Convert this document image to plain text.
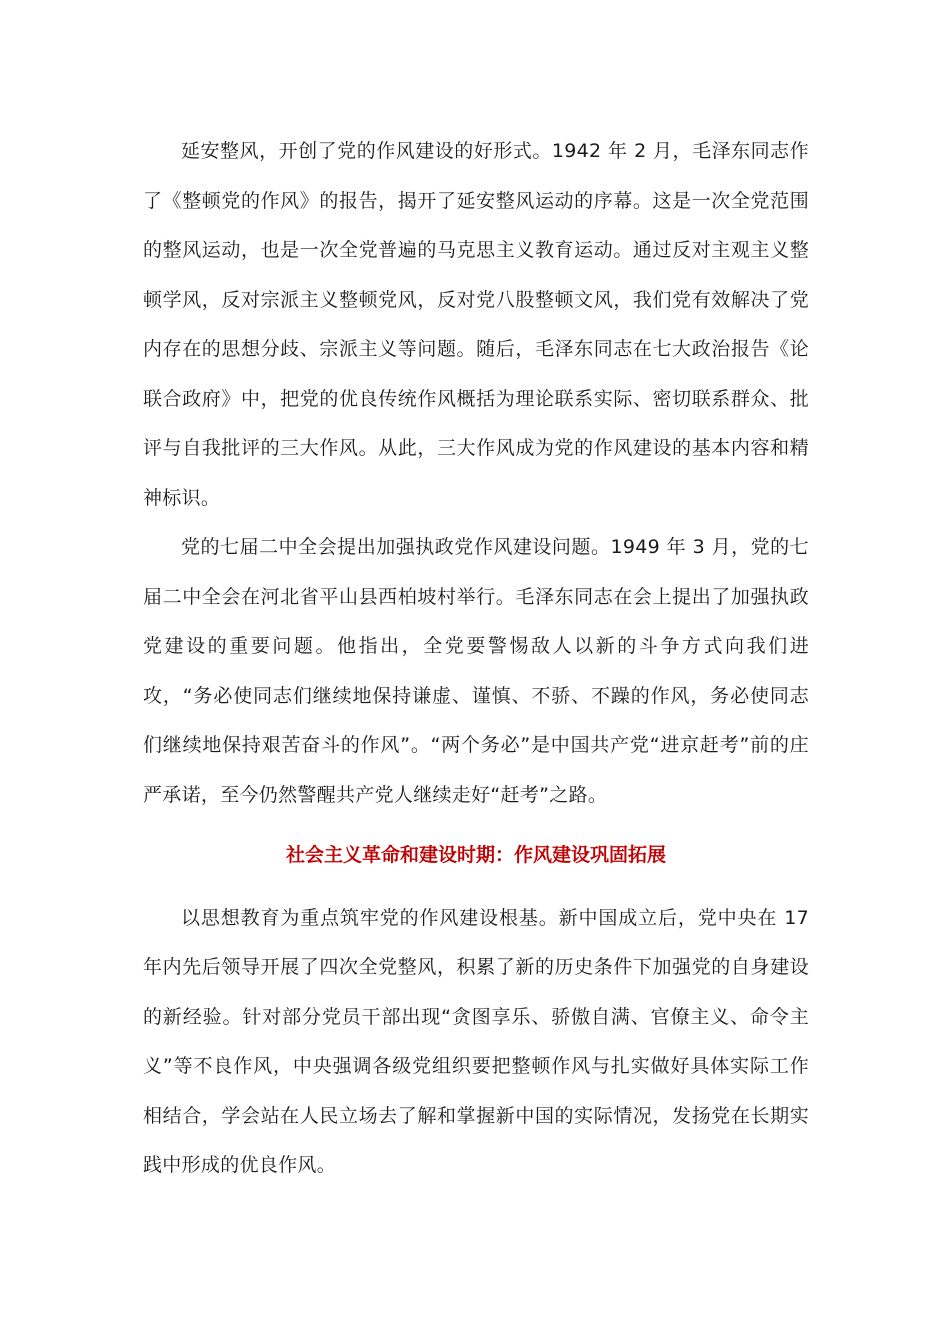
延安整风，开创了党的作风建设的好形式。1942 年 2 月，毛泽东同志作了《整顿党的作风》的报告，揭开了延安整风运动的序幕。这是一次全党范围的整风运动，也是一次全党普遍的马克思主义教育运动。通过反对主观主义整顿学风，反对宗派主义整顿党风，反对党八股整顿文风，我们党有效解决了党内存在的思想分歧、宗派主义等问题。随后，毛泽东同志在七大政治报告《论联合政府》中，把党的优良传统作风概括为理论联系实际、密切联系群众、批评与自我批评的三大作风。从此，三大作风成为党的作风建设的基本内容和精神标识。

党的七届二中全会提出加强执政党作风建设问题。1949 年 3 月，党的七届二中全会在河北省平山县西柏坡村举行。毛泽东同志在会上提出了加强执政党建设的重要问题。他指出，全党要警惕敌人以新的斗争方式向我们进攻，“务必使同志们继续地保持谦虚、谨慎、不骄、不躁的作风，务必使同志们继续地保持艰苦奋斗的作风”。“两个务必”是中国共产党“进京赶考”前的庄严承诺，至今仍然警醒共产党人继续走好“赶考”之路。

社会主义革命和建设时期：作风建设巩固拓展

以思想教育为重点筑牢党的作风建设根基。新中国成立后，党中央在 17 年内先后领导开展了四次全党整风，积累了新的历史条件下加强党的自身建设的新经验。针对部分党员干部出现“贪图享乐、骄傲自满、官僚主义、命令主义”等不良作风，中央强调各级党组织要把整顿作风与扎实做好具体实际工作相结合，学会站在人民立场去了解和掌握新中国的实际情况，发扬党在长期实践中形成的优良作风。
